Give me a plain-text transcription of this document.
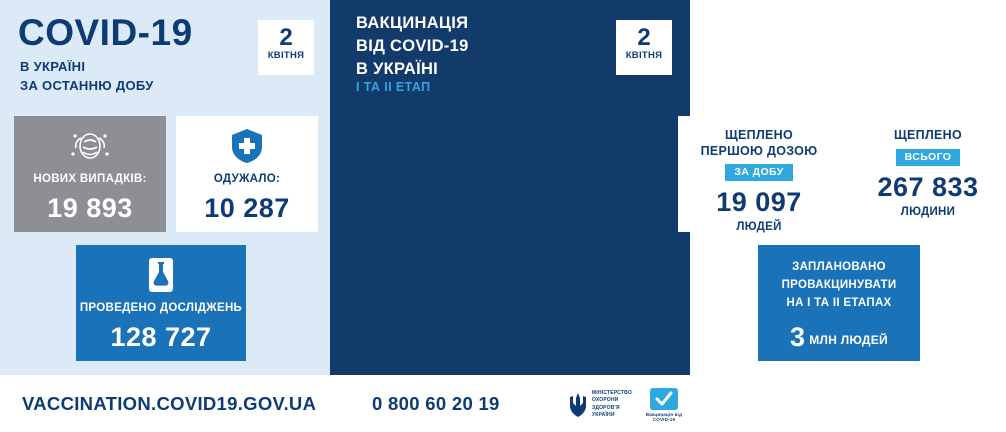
COVID-19
В УКРАЇНІ
ЗА ОСТАННЮ ДОБУ
2
КВІТНЯ
НОВИХ ВИПАДКІВ:
19 893
ОДУЖАЛО:
10 287
ПРОВЕДЕНО ДОСЛІДЖЕНЬ
128 727
ВАКЦИНАЦІЯ
ВІД COVID-19
В УКРАЇНІ
I ТА II ЕТАП
2
КВІТНЯ
ЩЕПЛЕНО
ПЕРШОЮ ДОЗОЮ
ЗА ДОБУ
19 097
ЛЮДЕЙ
ЩЕПЛЕНО
ВСЬОГО
267 833
ЛЮДИНИ
ЗАПЛАНОВАНО
ПРОВАКЦИНУВАТИ
НА I ТА II ЕТАПАХ
3 МЛН ЛЮДЕЙ
VACCINATION.COVID19.GOV.UA	0 800 60 20 19	МІНІСТЕРСТВО
ОХОРОНИ
ЗДОРОВ'Я
УКРАЇНИ	Вакцинація від COVID-19
